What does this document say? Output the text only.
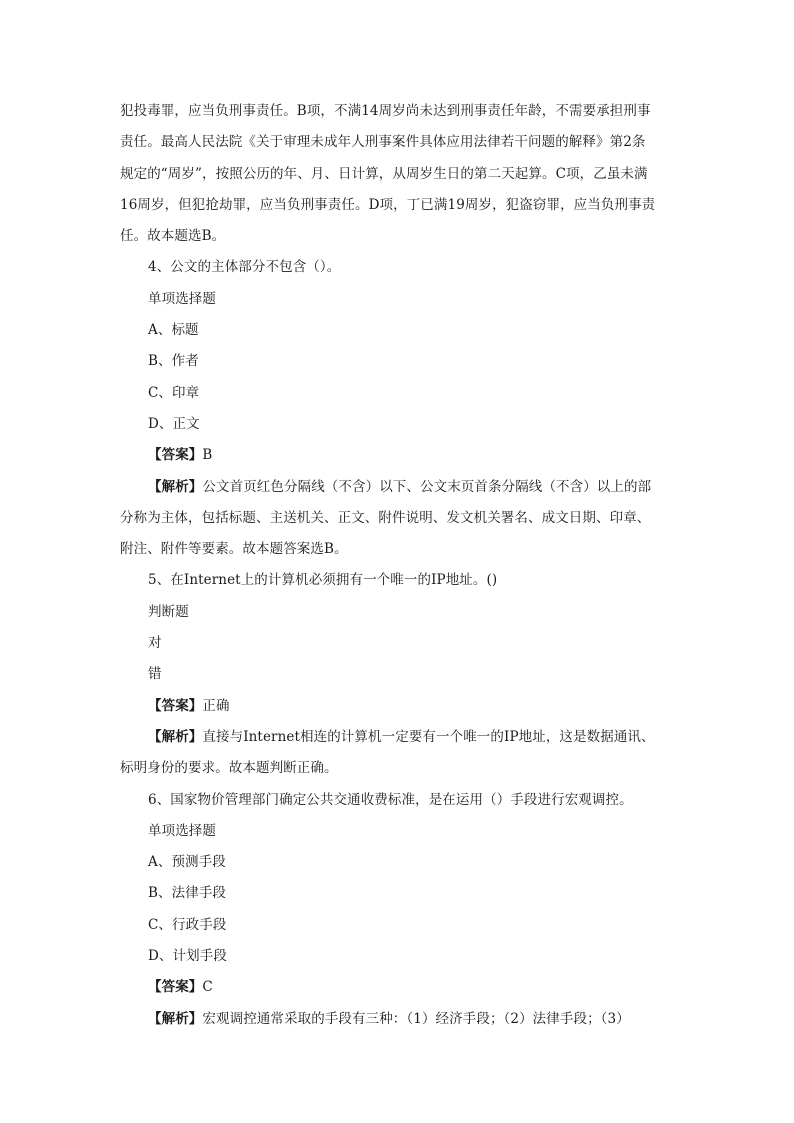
犯投毒罪，应当负刑事责任。B项，不满14周岁尚未达到刑事责任年龄，不需要承担刑事
责任。最高人民法院《关于审理未成年人刑事案件具体应用法律若干问题的解释》第2条
规定的“周岁”，按照公历的年、月、日计算，从周岁生日的第二天起算。C项，乙虽未满
16周岁，但犯抢劫罪，应当负刑事责任。D项，丁已满19周岁，犯盗窃罪，应当负刑事责
任。故本题选B。
4、公文的主体部分不包含（）。
单项选择题
A、标题
B、作者
C、印章
D、正文
【答案】B
【解析】公文首页红色分隔线（不含）以下、公文末页首条分隔线（不含）以上的部
分称为主体，包括标题、主送机关、正文、附件说明、发文机关署名、成文日期、印章、
附注、附件等要素。故本题答案选B。
5、在Internet上的计算机必须拥有一个唯一的IP地址。()
判断题
对
错
【答案】正确
【解析】直接与Internet相连的计算机一定要有一个唯一的IP地址，这是数据通讯、
标明身份的要求。故本题判断正确。
6、国家物价管理部门确定公共交通收费标准，是在运用（）手段进行宏观调控。
单项选择题
A、预测手段
B、法律手段
C、行政手段
D、计划手段
【答案】C
【解析】宏观调控通常采取的手段有三种：（1）经济手段；（2）法律手段；（3）
